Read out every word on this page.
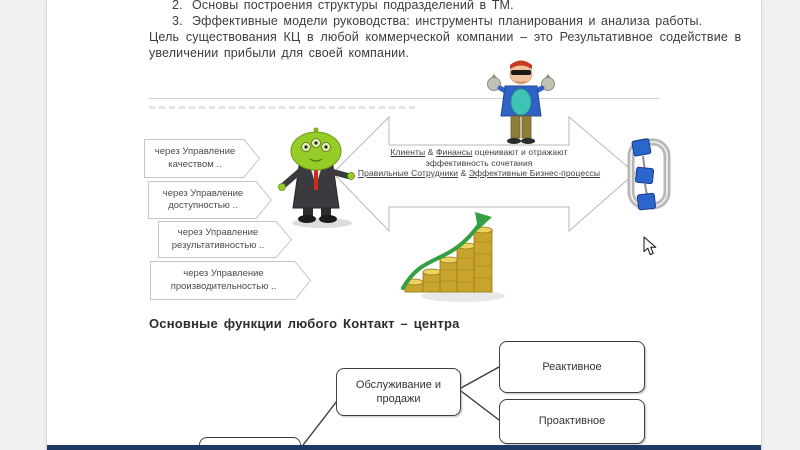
2. Основы построения структуры подразделений в ТМ.
3. Эффективные модели руководства: инструменты планирования и анализа работы.
Цель существования КЦ в любой коммерческой компании – это Результативное содействие в
увеличении прибыли для своей компании.
через Управление качеством ..
через Управление доступностью ..
через Управление результативностью ..
через Управление производительностью ..
Клиенты & Финансы оценивают и отражают
эффективность сочетания
Правильные Сотрудники & Эффективные Бизнес-процессы
Основные функции любого Контакт – центра
Обслуживание и продажи
Реактивное
Проактивное
